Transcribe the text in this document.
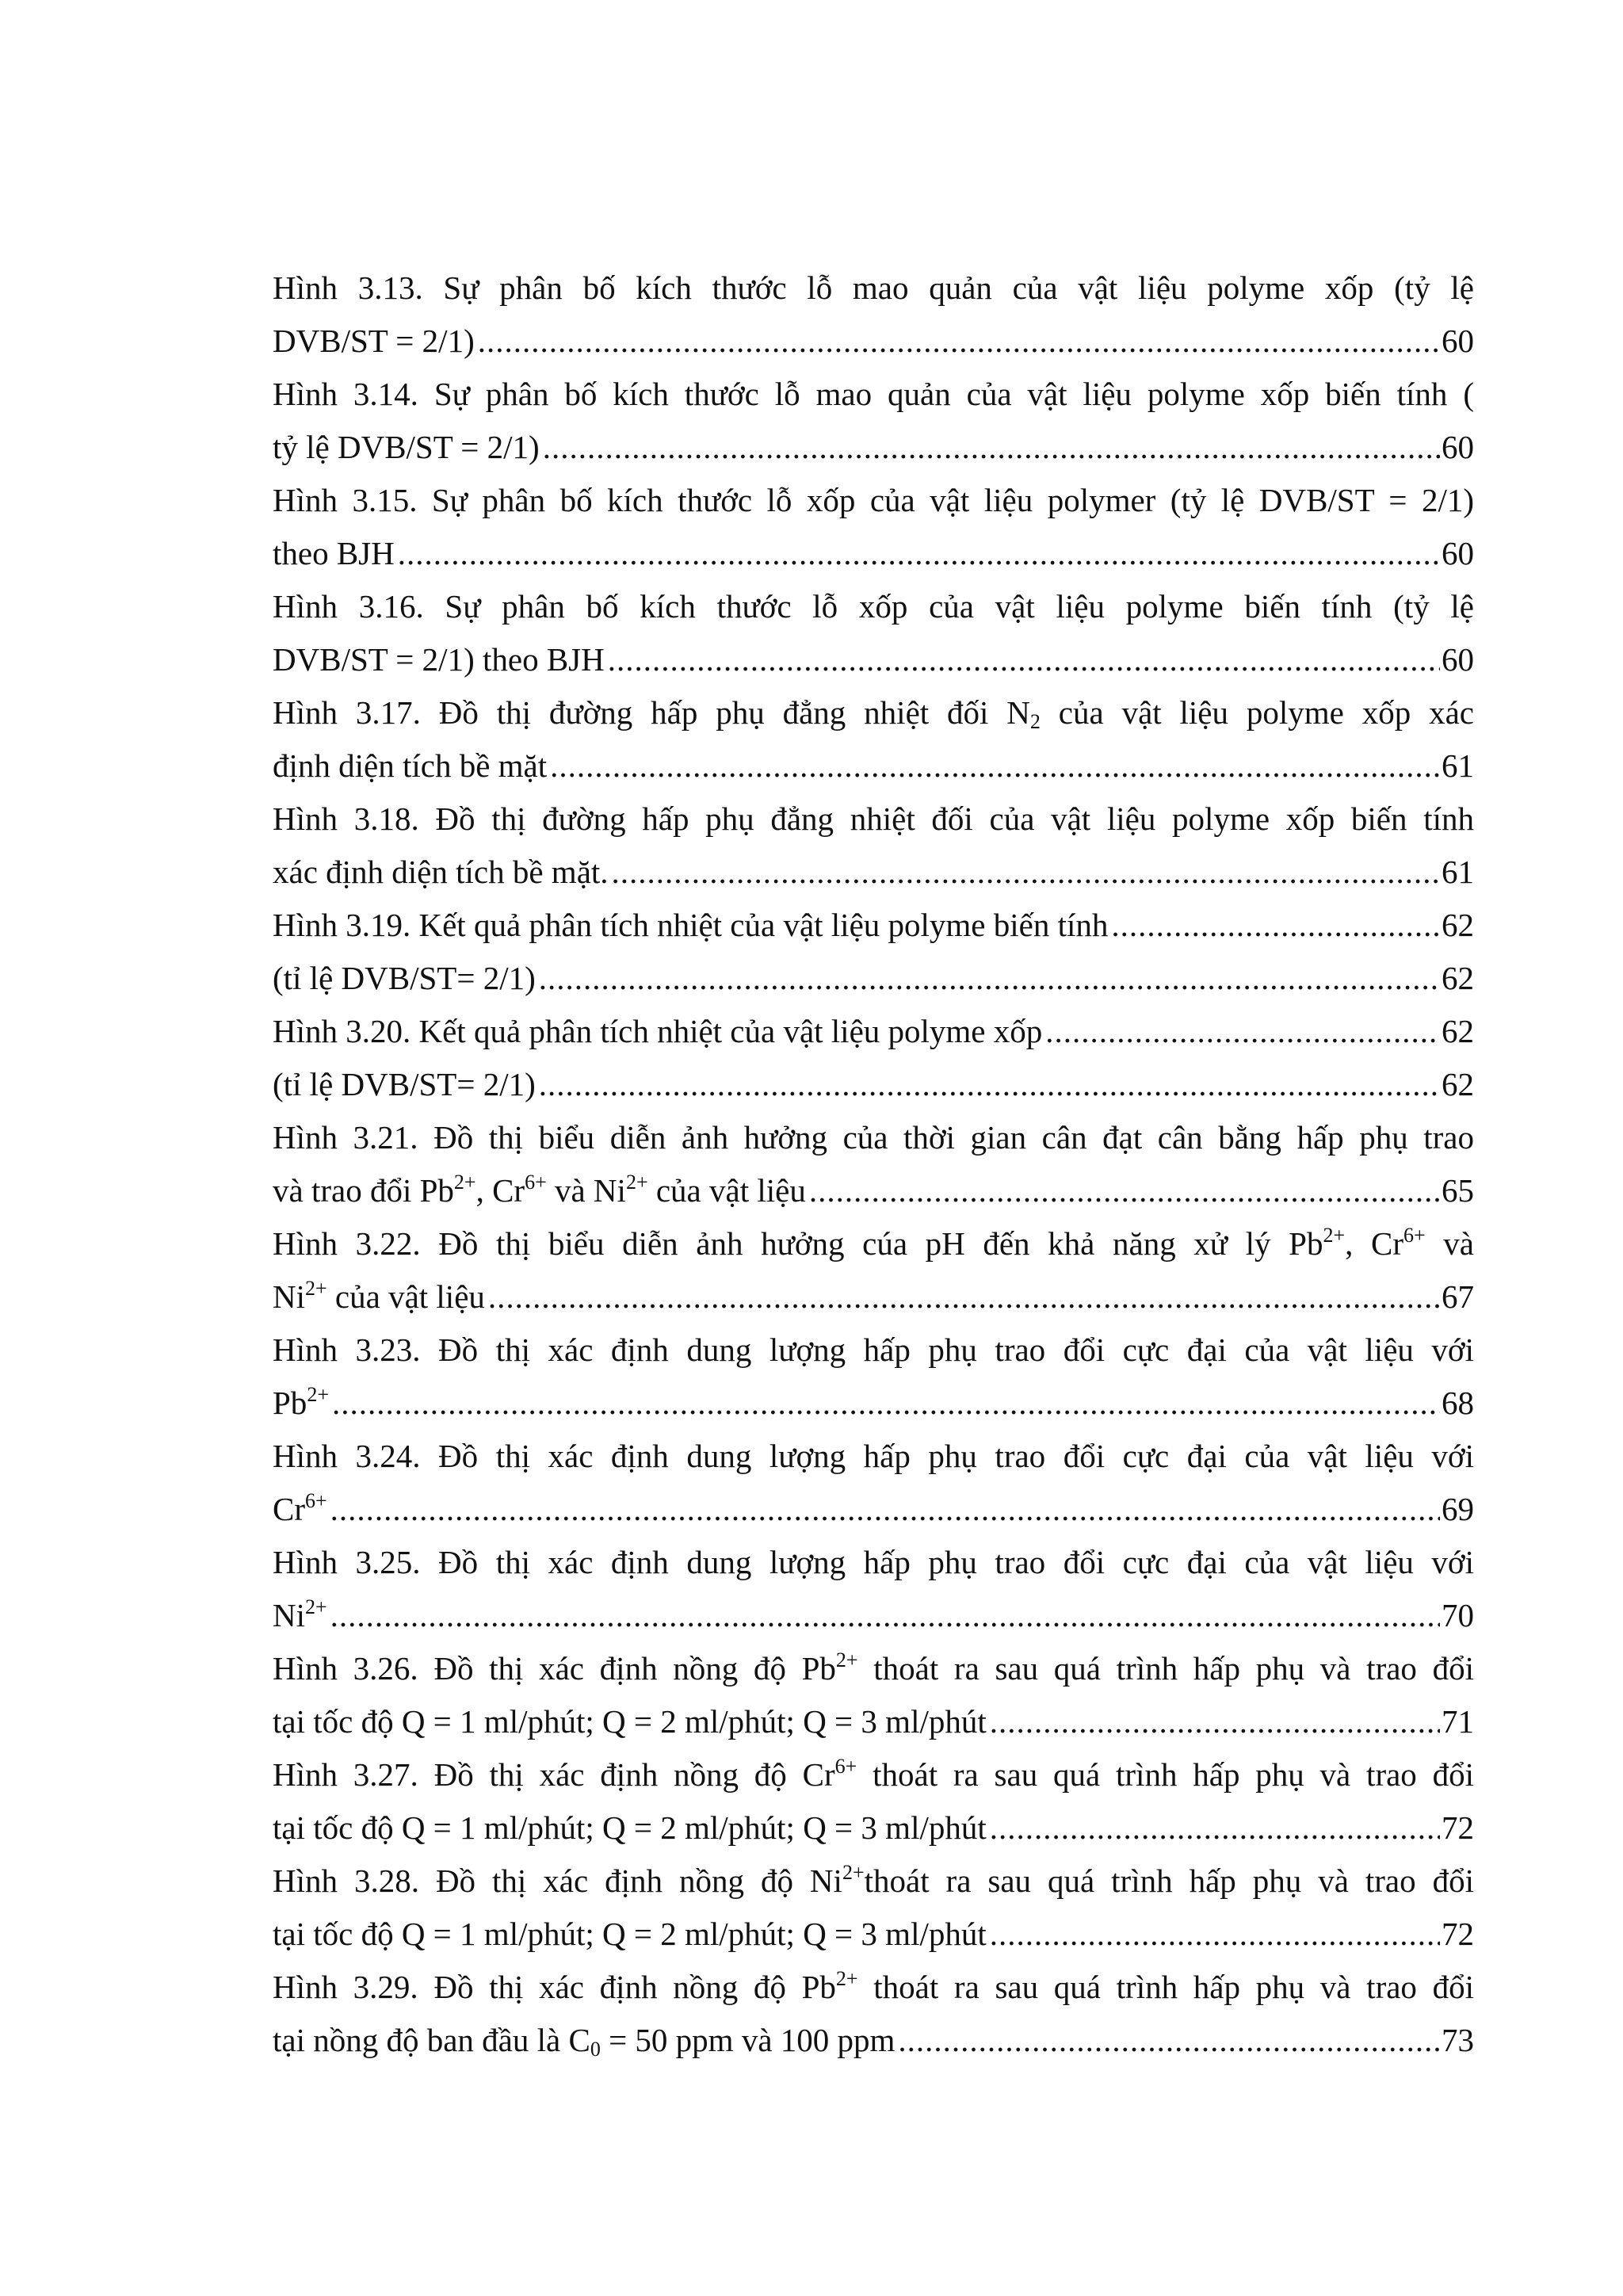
Hình 3.13. Sự phân bố kích thước lỗ mao quản của vật liệu polyme xốp (tỷ lệ
DVB/ST = 2/1) .....	60
Hình 3.14. Sự phân bố kích thước lỗ mao quản của vật liệu polyme xốp biến tính (
tỷ lệ DVB/ST = 2/1) .....	60
Hình 3.15. Sự phân bố kích thước lỗ xốp của vật liệu polymer (tỷ lệ DVB/ST = 2/1)
theo BJH .....	60
Hình 3.16. Sự phân bố kích thước lỗ xốp của vật liệu polyme biến tính (tỷ lệ
DVB/ST = 2/1) theo BJH .....	60
Hình 3.17. Đồ thị đường hấp phụ đẳng nhiệt đối $N_2$ của vật liệu polyme xốp xác
định diện tích bề mặt .....	61
Hình 3.18. Đồ thị đường hấp phụ đẳng nhiệt đối của vật liệu polyme xốp biến tính
xác định diện tích bề mặt. .....	61
Hình 3.19. Kết quả phân tích nhiệt của vật liệu polyme biến tính .....	62
(tỉ lệ DVB/ST= 2/1) .....	62
Hình 3.20. Kết quả phân tích nhiệt của vật liệu polyme xốp .....	62
(tỉ lệ DVB/ST= 2/1) .....	62
Hình 3.21. Đồ thị biểu diễn ảnh hưởng của thời gian cân đạt cân bằng hấp phụ trao
và trao đổi $Pb^{2+}$, $Cr^{6+}$ và $Ni^{2+}$ của vật liệu .....	65
Hình 3.22. Đồ thị biểu diễn ảnh hưởng cúa pH đến khả năng xử lý $Pb^{2+}$, $Cr^{6+}$ và
$Ni^{2+}$ của vật liệu .....	67
Hình 3.23. Đồ thị xác định dung lượng hấp phụ trao đổi cực đại của vật liệu với
$Pb^{2+}$ .....	68
Hình 3.24. Đồ thị xác định dung lượng hấp phụ trao đổi cực đại của vật liệu với
$Cr^{6+}$ .....	69
Hình 3.25. Đồ thị xác định dung lượng hấp phụ trao đổi cực đại của vật liệu với
$Ni^{2+}$ .....	70
Hình 3.26. Đồ thị xác định nồng độ $Pb^{2+}$ thoát ra sau quá trình hấp phụ và trao đổi
tại tốc độ Q = 1 ml/phút; Q = 2 ml/phút; Q = 3 ml/phút .....	71
Hình 3.27. Đồ thị xác định nồng độ $Cr^{6+}$ thoát ra sau quá trình hấp phụ và trao đổi
tại tốc độ Q = 1 ml/phút; Q = 2 ml/phút; Q = 3 ml/phút .....	72
Hình 3.28. Đồ thị xác định nồng độ $Ni^{2+}thoát$ ra sau quá trình hấp phụ và trao đổi
tại tốc độ Q = 1 ml/phút; Q = 2 ml/phút; Q = 3 ml/phút .....	72
Hình 3.29. Đồ thị xác định nồng độ $Pb^{2+}$ thoát ra sau quá trình hấp phụ và trao đổi
tại nồng độ ban đầu là $C_0 = 50$ ppm và 100 ppm .....	73
